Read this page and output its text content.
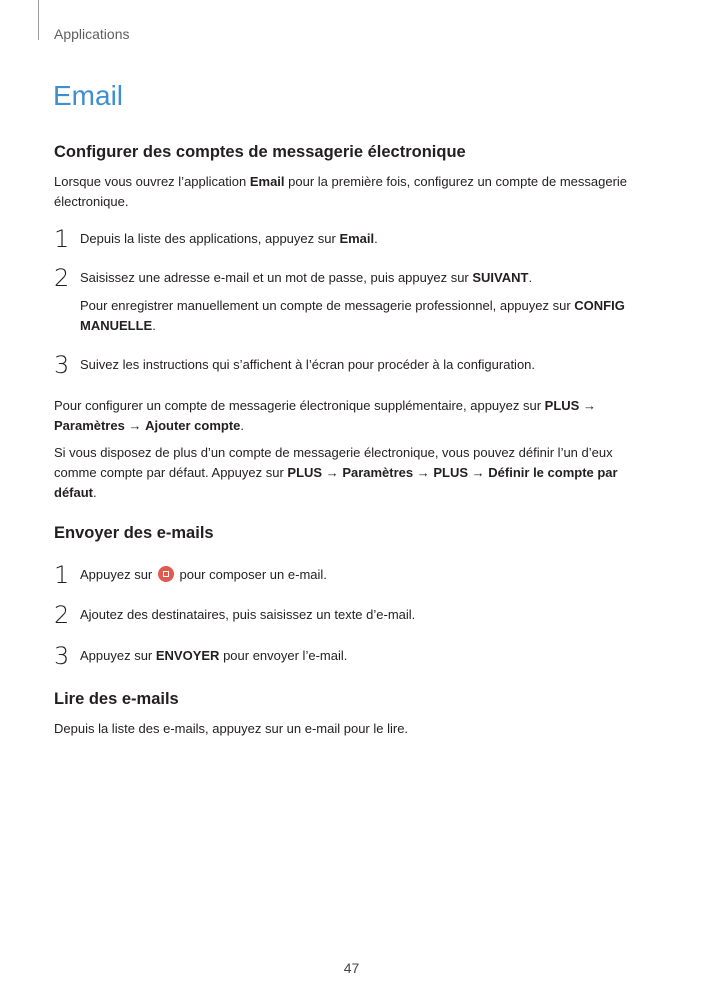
Applications
Email
Configurer des comptes de messagerie électronique

Lorsque vous ouvrez l’application Email pour la première fois, configurez un compte de messagerie électronique.

1 Depuis la liste des applications, appuyez sur Email.
2 Saisissez une adresse e-mail et un mot de passe, puis appuyez sur SUIVANT.
Pour enregistrer manuellement un compte de messagerie professionnel, appuyez sur CONFIG MANUELLE.
3 Suivez les instructions qui s’affichent à l’écran pour procéder à la configuration.

Pour configurer un compte de messagerie électronique supplémentaire, appuyez sur PLUS → Paramètres → Ajouter compte.

Si vous disposez de plus d’un compte de messagerie électronique, vous pouvez définir l’un d’eux comme compte par défaut. Appuyez sur PLUS → Paramètres → PLUS → Définir le compte par défaut.

Envoyer des e-mails
1 Appuyez sur  pour composer un e-mail.
2 Ajoutez des destinataires, puis saisissez un texte d’e-mail.
3 Appuyez sur ENVOYER pour envoyer l’e-mail.
Lire des e-mails

Depuis la liste des e-mails, appuyez sur un e-mail pour le lire.

47
